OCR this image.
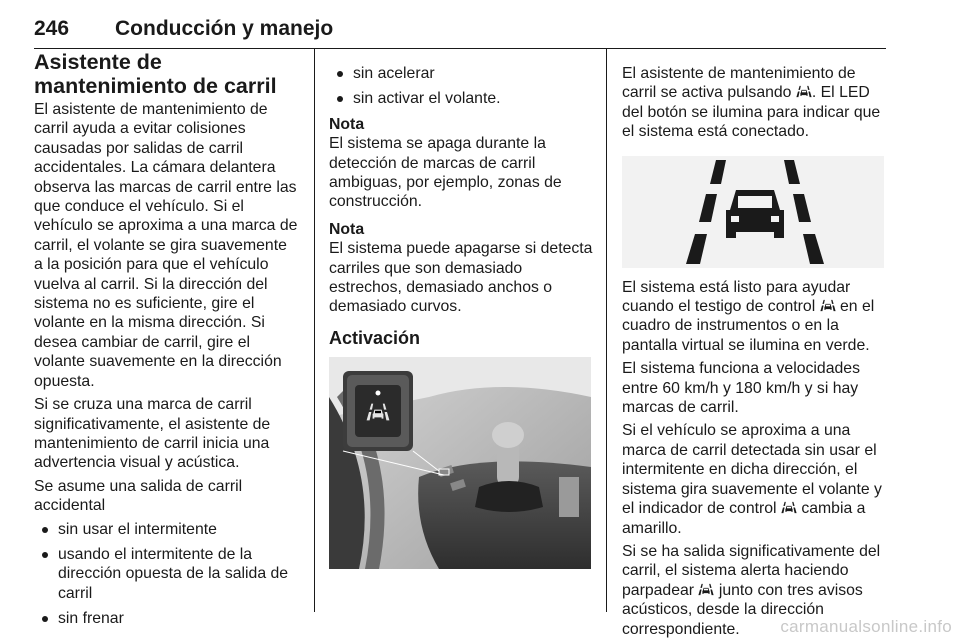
246 Conducción y manejo
Asistente de mantenimiento de carril

El asistente de mantenimiento de carril ayuda a evitar colisiones causadas por salidas de carril accidentales. La cámara delantera observa las marcas de carril entre las que conduce el vehículo. Si el vehículo se aproxima a una marca de carril, el volante se gira suavemente a la posición para que el vehículo vuelva al carril. Si la dirección del sistema no es suficiente, gire el volante en la misma dirección. Si desea cambiar de carril, gire el volante suavemente en la dirección opuesta.

Si se cruza una marca de carril significativamente, el asistente de mantenimiento de carril inicia una advertencia visual y acústica.

Se asume una salida de carril accidental

sin usar el intermitente
usando el intermitente de la dirección opuesta de la salida de carril
sin frenar
sin acelerar
sin activar el volante.

Nota

El sistema se apaga durante la detección de marcas de carril ambiguas, por ejemplo, zonas de construcción.

Nota

El sistema puede apagarse si detecta carriles que son demasiado estrechos, demasiado anchos o demasiado curvos.

Activación

El asistente de mantenimiento de carril se activa pulsando . El LED del botón se ilumina para indicar que el sistema está conectado.

El sistema está listo para ayudar cuando el testigo de control en el cuadro de instrumentos o en la pantalla virtual se ilumina en verde.

El sistema funciona a velocidades entre 60 km/h y 180 km/h y si hay marcas de carril.

Si el vehículo se aproxima a una marca de carril detectada sin usar el intermitente en dicha dirección, el sistema gira suavemente el volante y el indicador de control cambia a amarillo.

Si se ha salida significativamente del carril, el sistema alerta haciendo parpadear junto con tres avisos acústicos, desde la dirección correspondiente.	carmanualsonline.info
